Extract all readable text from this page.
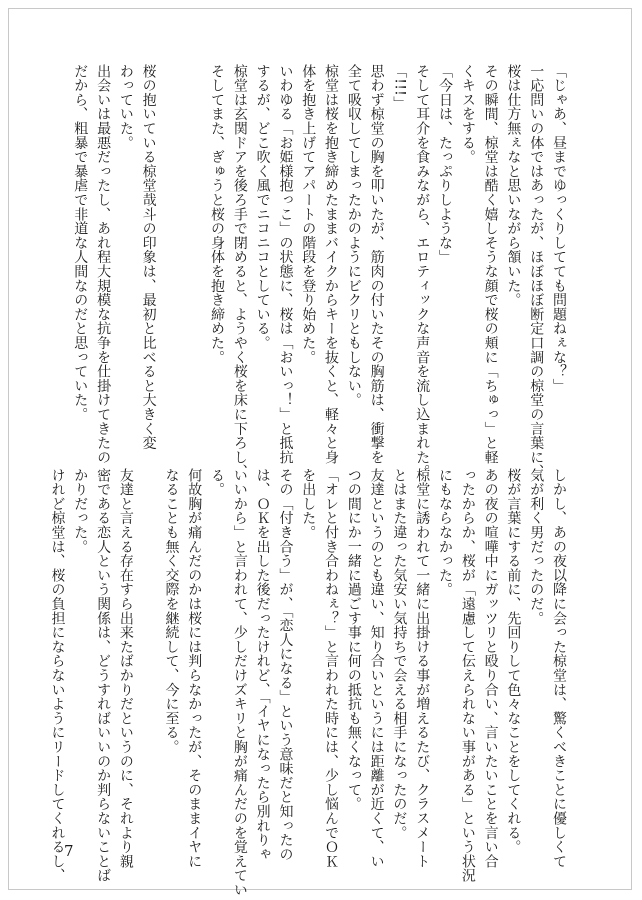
「じゃあ、昼までゆっくりしてても問題ねぇな？」
一応問いの体ではあったが、ほぼほぼ断定口調の椋堂の言葉に、
桜は仕方無ぇなと思いながら頷いた。
その瞬間、椋堂は酷く嬉しそうな顔で桜の頬に「ちゅっ」と軽
くキスをする。
「今日は、たっぷりしような」
そして耳介を食みながら、エロティックな声音を流し込まれた。
「!!!」
思わず椋堂の胸を叩いたが、筋肉の付いたその胸筋は、衝撃を
全て吸収してしまったかのようにビクリともしない。
椋堂は桜を抱き締めたままバイクからキーを抜くと、軽々と身
体を抱き上げてアパートの階段を登り始めた。
いわゆる「お姫様抱っこ」の状態に、桜は「おいっ！」と抵抗
するが、どこ吹く風でニコニコとしている。
椋堂は玄関ドアを後ろ手で閉めると、ようやく桜を床に下ろし、
そしてまた、ぎゅうと桜の身体を抱き締めた。

桜の抱いている椋堂哉斗の印象は、最初と比べると大きく変
わっていた。
出会いは最悪だったし、あれ程大規模な抗争を仕掛けてきたの
だから、粗暴で暴虐で非道な人間なのだと思っていた。
しかし、あの夜以降に会った椋堂は、驚くべきことに優しくて
気が利く男だったのだ。
桜が言葉にする前に、先回りして色々なことをしてくれる。
あの夜の喧嘩中にガッツリと殴り合い、言いたいことを言い合
ったからか、桜が「遠慮して伝えられない事がある」という状況
にもならなかった。
椋堂に誘われて一緒に出掛ける事が増えるたび、クラスメート
とはまた違った気安い気持ちで会える相手になったのだ。
友達というのとも違い、知り合いというには距離が近くて、い
つの間にか一緒に過ごす事に何の抵抗も無くなって。
「オレと付き合わねぇ？」と言われた時には、少し悩んでＯＫ
を出した。
その「付き合う」が、「恋人になる」という意味だと知ったの
は、ＯＫを出した後だったけれど、「イヤになったら別れりゃ
いいから」と言われて、少しだけズキリと胸が痛んだのを覚えてい
る。
何故胸が痛んだのかは桜には判らなかったが、そのままイヤに
なることも無く交際を継続して、今に至る。

友達と言える存在すら出来たばかりだというのに、それより親
密である恋人という関係は、どうすればいいのか判らないことば
かりだった。
けれど椋堂は、桜の負担にならないようにリードしてくれるし、
7
